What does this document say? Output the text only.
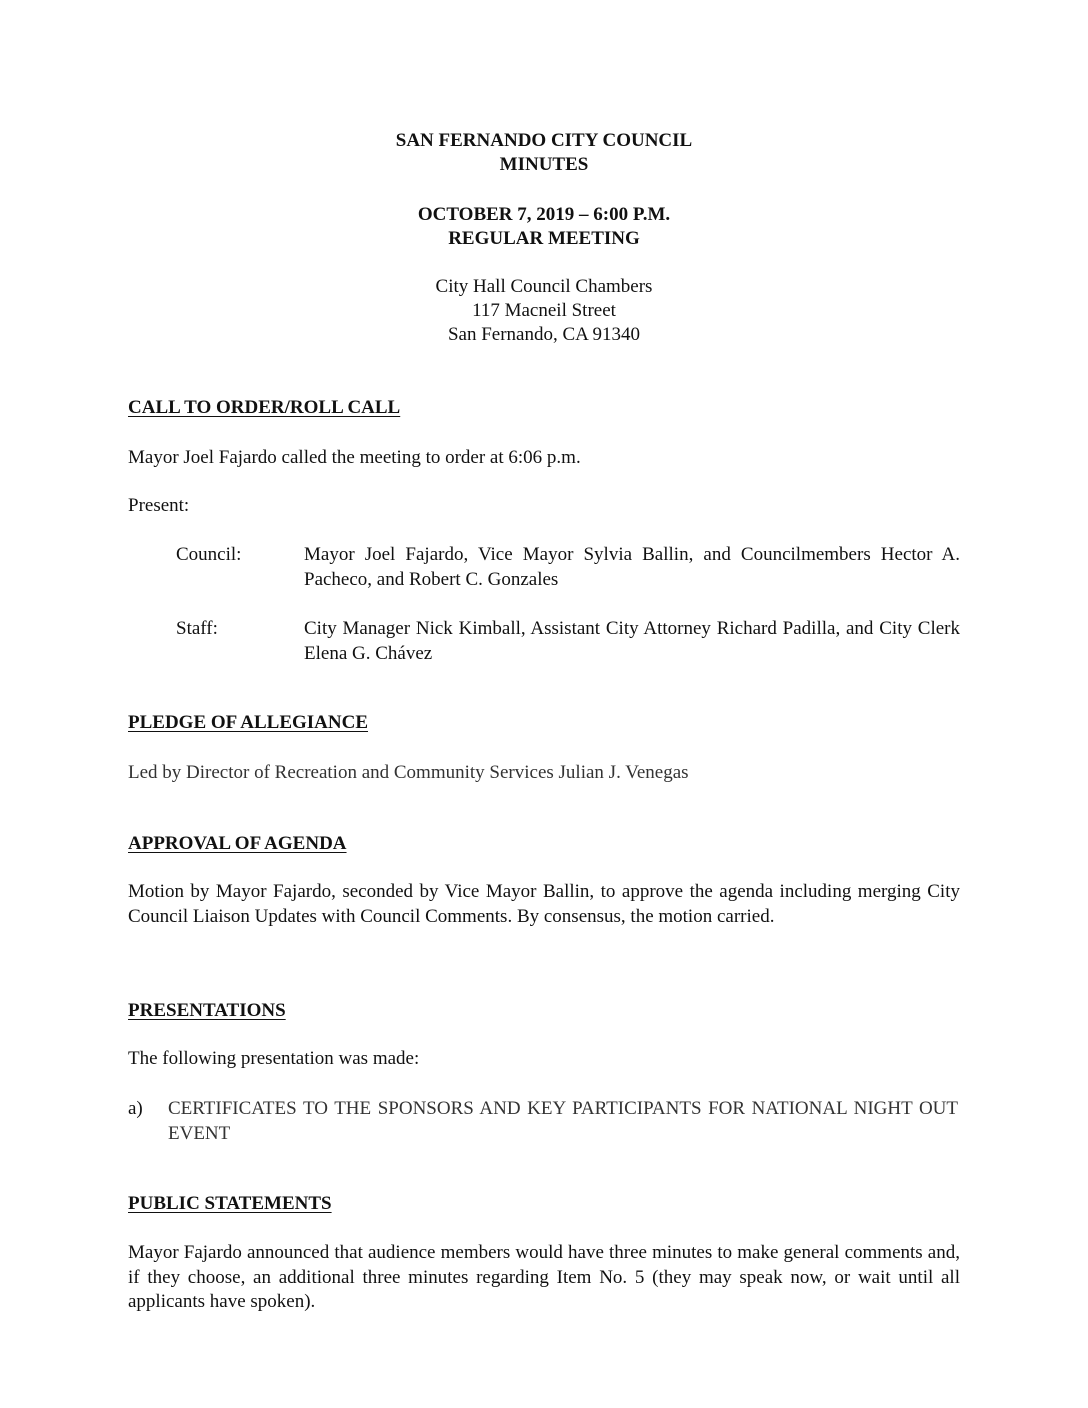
SAN FERNANDO CITY COUNCIL
MINUTES
OCTOBER 7, 2019 – 6:00 P.M.
REGULAR MEETING
City Hall Council Chambers
117 Macneil Street
San Fernando, CA 91340
CALL TO ORDER/ROLL CALL
Mayor Joel Fajardo called the meeting to order at 6:06 p.m.
Present:
Council:	Mayor Joel Fajardo, Vice Mayor Sylvia Ballin, and Councilmembers Hector A. Pacheco, and Robert C. Gonzales
Staff:	City Manager Nick Kimball, Assistant City Attorney Richard Padilla, and City Clerk Elena G. Chávez
PLEDGE OF ALLEGIANCE
Led by Director of Recreation and Community Services Julian J. Venegas
APPROVAL OF AGENDA
Motion by Mayor Fajardo, seconded by Vice Mayor Ballin, to approve the agenda including merging City Council Liaison Updates with Council Comments. By consensus, the motion carried.
PRESENTATIONS
The following presentation was made:
a) CERTIFICATES TO THE SPONSORS AND KEY PARTICIPANTS FOR NATIONAL NIGHT OUT EVENT
PUBLIC STATEMENTS
Mayor Fajardo announced that audience members would have three minutes to make general comments and, if they choose, an additional three minutes regarding Item No. 5 (they may speak now, or wait until all applicants have spoken).
